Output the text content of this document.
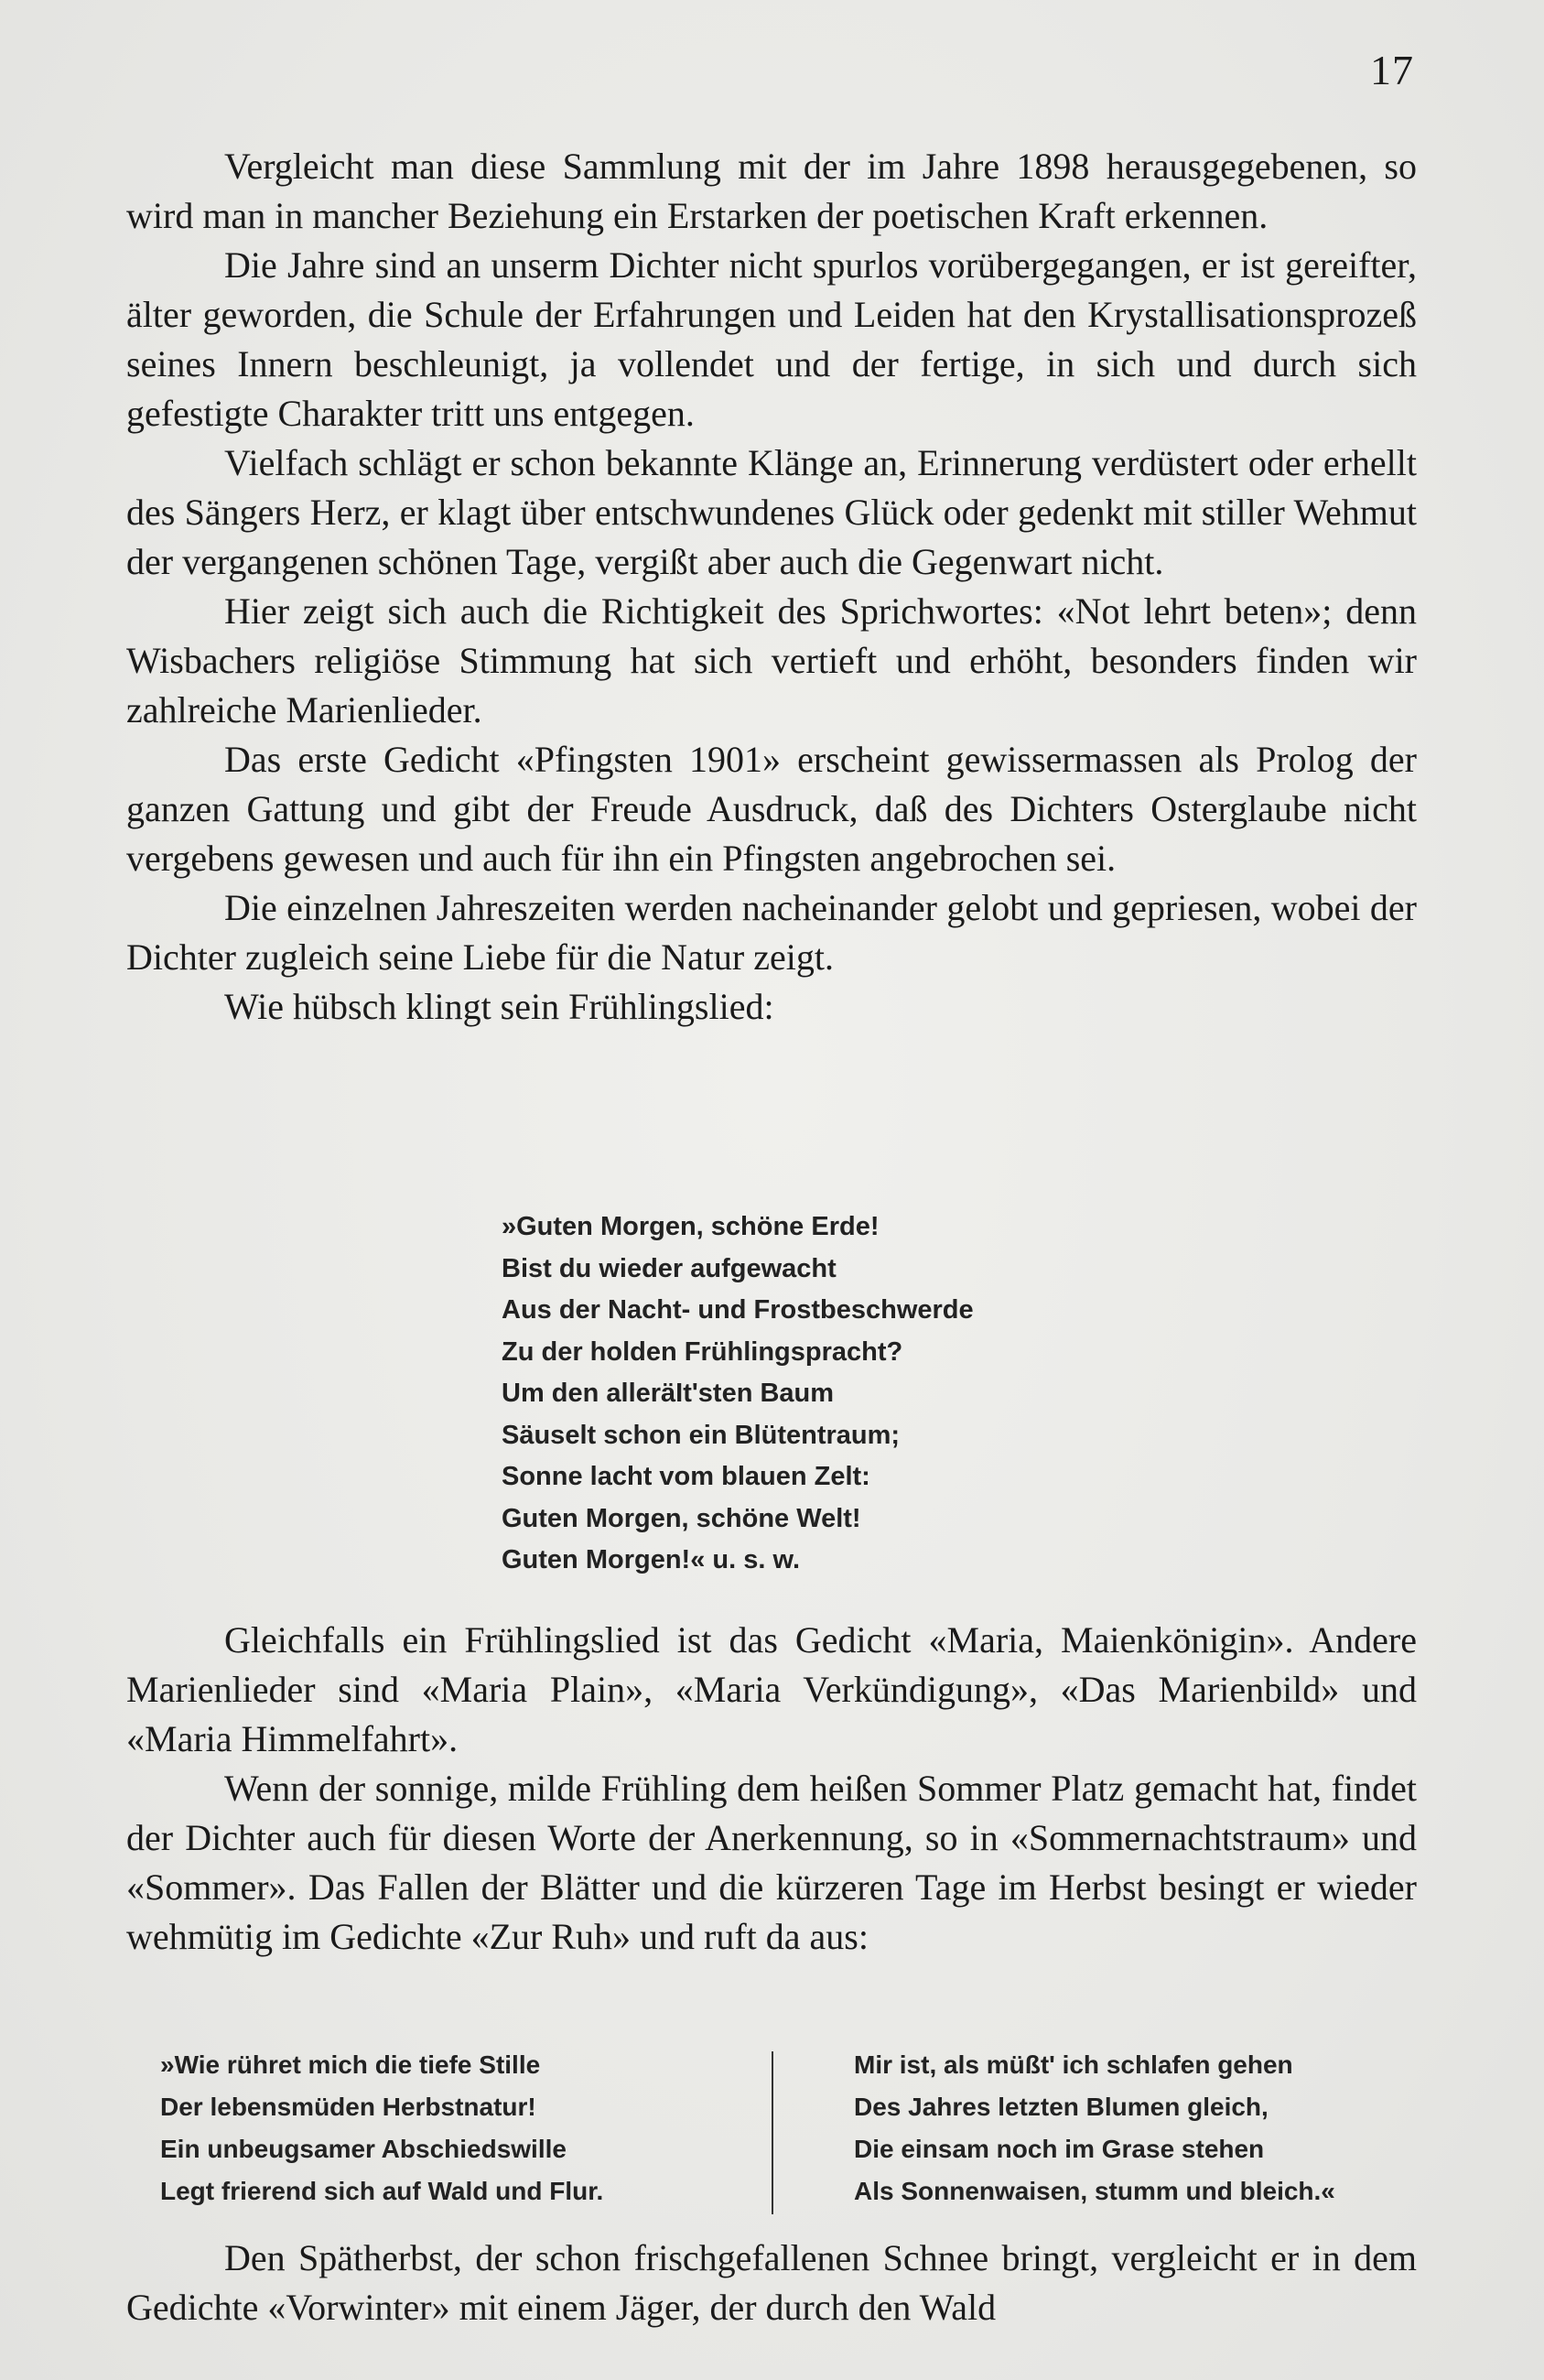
17

Vergleicht man diese Sammlung mit der im Jahre 1898 herausgegebenen, so wird man in mancher Beziehung ein Erstarken der poetischen Kraft erkennen.

Die Jahre sind an unserm Dichter nicht spurlos vorübergegangen, er ist gereifter, älter geworden, die Schule der Erfahrungen und Leiden hat den Krystallisationsprozeß seines Innern beschleunigt, ja vollendet und der fertige, in sich und durch sich gefestigte Charakter tritt uns entgegen.

Vielfach schlägt er schon bekannte Klänge an, Erinnerung verdüstert oder erhellt des Sängers Herz, er klagt über entschwundenes Glück oder gedenkt mit stiller Wehmut der vergangenen schönen Tage, vergißt aber auch die Gegenwart nicht.

Hier zeigt sich auch die Richtigkeit des Sprichwortes: «Not lehrt beten»; denn Wisbachers religiöse Stimmung hat sich vertieft und erhöht, besonders finden wir zahlreiche Marienlieder.

Das erste Gedicht «Pfingsten 1901» erscheint gewissermassen als Prolog der ganzen Gattung und gibt der Freude Ausdruck, daß des Dichters Osterglaube nicht vergebens gewesen und auch für ihn ein Pfingsten angebrochen sei.

Die einzelnen Jahreszeiten werden nacheinander gelobt und gepriesen, wobei der Dichter zugleich seine Liebe für die Natur zeigt.

Wie hübsch klingt sein Frühlingslied:

»Guten Morgen, schöne Erde!
Bist du wieder aufgewacht
Aus der Nacht- und Frostbeschwerde
Zu der holden Frühlingspracht?
Um den alleräIt'sten Baum
Säuselt schon ein Blütentraum;
Sonne lacht vom blauen Zelt:
Guten Morgen, schöne Welt!
Guten Morgen!« u. s. w.

Gleichfalls ein Frühlingslied ist das Gedicht «Maria, Maienkönigin». Andere Marienlieder sind «Maria Plain», «Maria Verkündigung», «Das Marienbild» und «Maria Himmelfahrt».

Wenn der sonnige, milde Frühling dem heißen Sommer Platz gemacht hat, findet der Dichter auch für diesen Worte der Anerkennung, so in «Sommernachtstraum» und «Sommer». Das Fallen der Blätter und die kürzeren Tage im Herbst besingt er wieder wehmütig im Gedichte «Zur Ruh» und ruft da aus:

»Wie rühret mich die tiefe Stille
Der lebensmüden Herbstnatur!
Ein unbeugsamer Abschiedswille
Legt frierend sich auf Wald und Flur.
Mir ist, als müßt' ich schlafen gehen
Des Jahres letzten Blumen gleich,
Die einsam noch im Grase stehen
Als Sonnenwaisen, stumm und bleich.«

Den Spätherbst, der schon frischgefallenen Schnee bringt, vergleicht er in dem Gedichte «Vorwinter» mit einem Jäger, der durch den Wald
